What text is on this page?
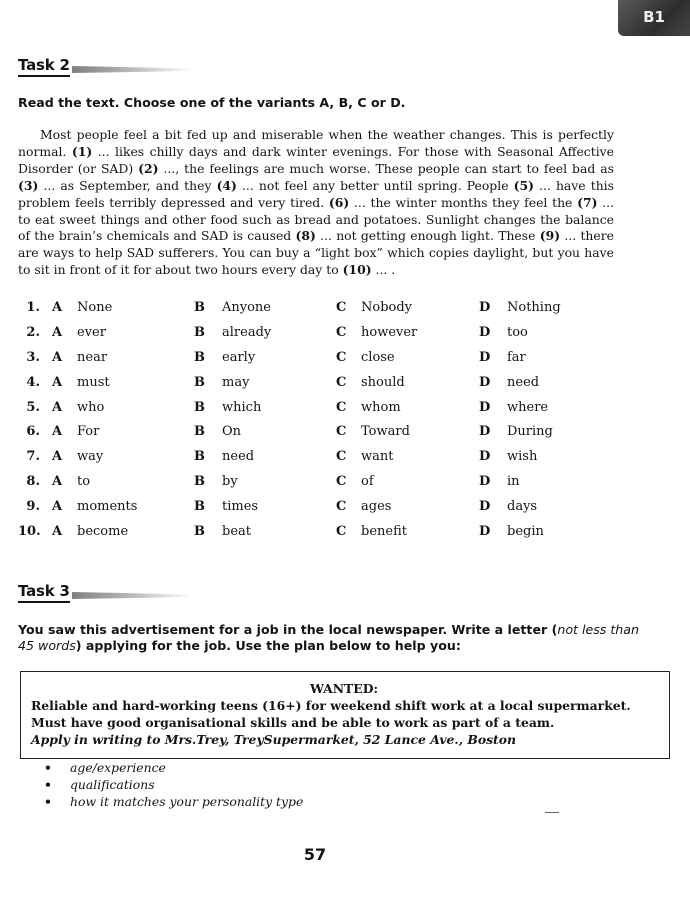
B1
Task 2
Read the text. Choose one of the variants A, B, C or D.
Most people feel a bit fed up and miserable when the weather changes. This is perfectly normal. (1) ... likes chilly days and dark winter evenings. For those with Seasonal Affective Disorder (or SAD) (2) ..., the feelings are much worse. These people can start to feel bad as (3) ... as September, and they (4) ... not feel any better until spring. People (5) ... have this problem feels terribly depressed and very tired. (6) ... the winter months they feel the (7) ... to eat sweet things and other food such as bread and potatoes. Sunlight changes the balance of the brain’s chemicals and SAD is caused (8) ... not getting enough light. These (9) ... there are ways to help SAD sufferers. You can buy a “light box” which copies daylight, but you have to sit in front of it for about two hours every day to (10) ... .
1. A None	B Anyone	C Nobody	D Nothing
2. A ever	B already	C however	D too
3. A near	B early	C close	D far
4. A must	B may	C should	D need
5. A who	B which	C whom	D where
6. A For	B On	C Toward	D During
7. A way	B need	C want	D wish
8. A to	B by	C of	D in
9. A moments	B times	C ages	D days
10. A become	B beat	C benefit	D begin
Task 3
You saw this advertisement for a job in the local newspaper. Write a letter (not less than 45 words) applying for the job. Use the plan below to help you:
WANTED:
Reliable and hard-working teens (16+) for weekend shift work at a local supermarket.
Must have good organisational skills and be able to work as part of a team.
Apply in writing to Mrs.Trey, TreySupermarket, 52 Lance Ave., Boston
•	age/experience
•	qualifications
•	how it matches your personality type
57
